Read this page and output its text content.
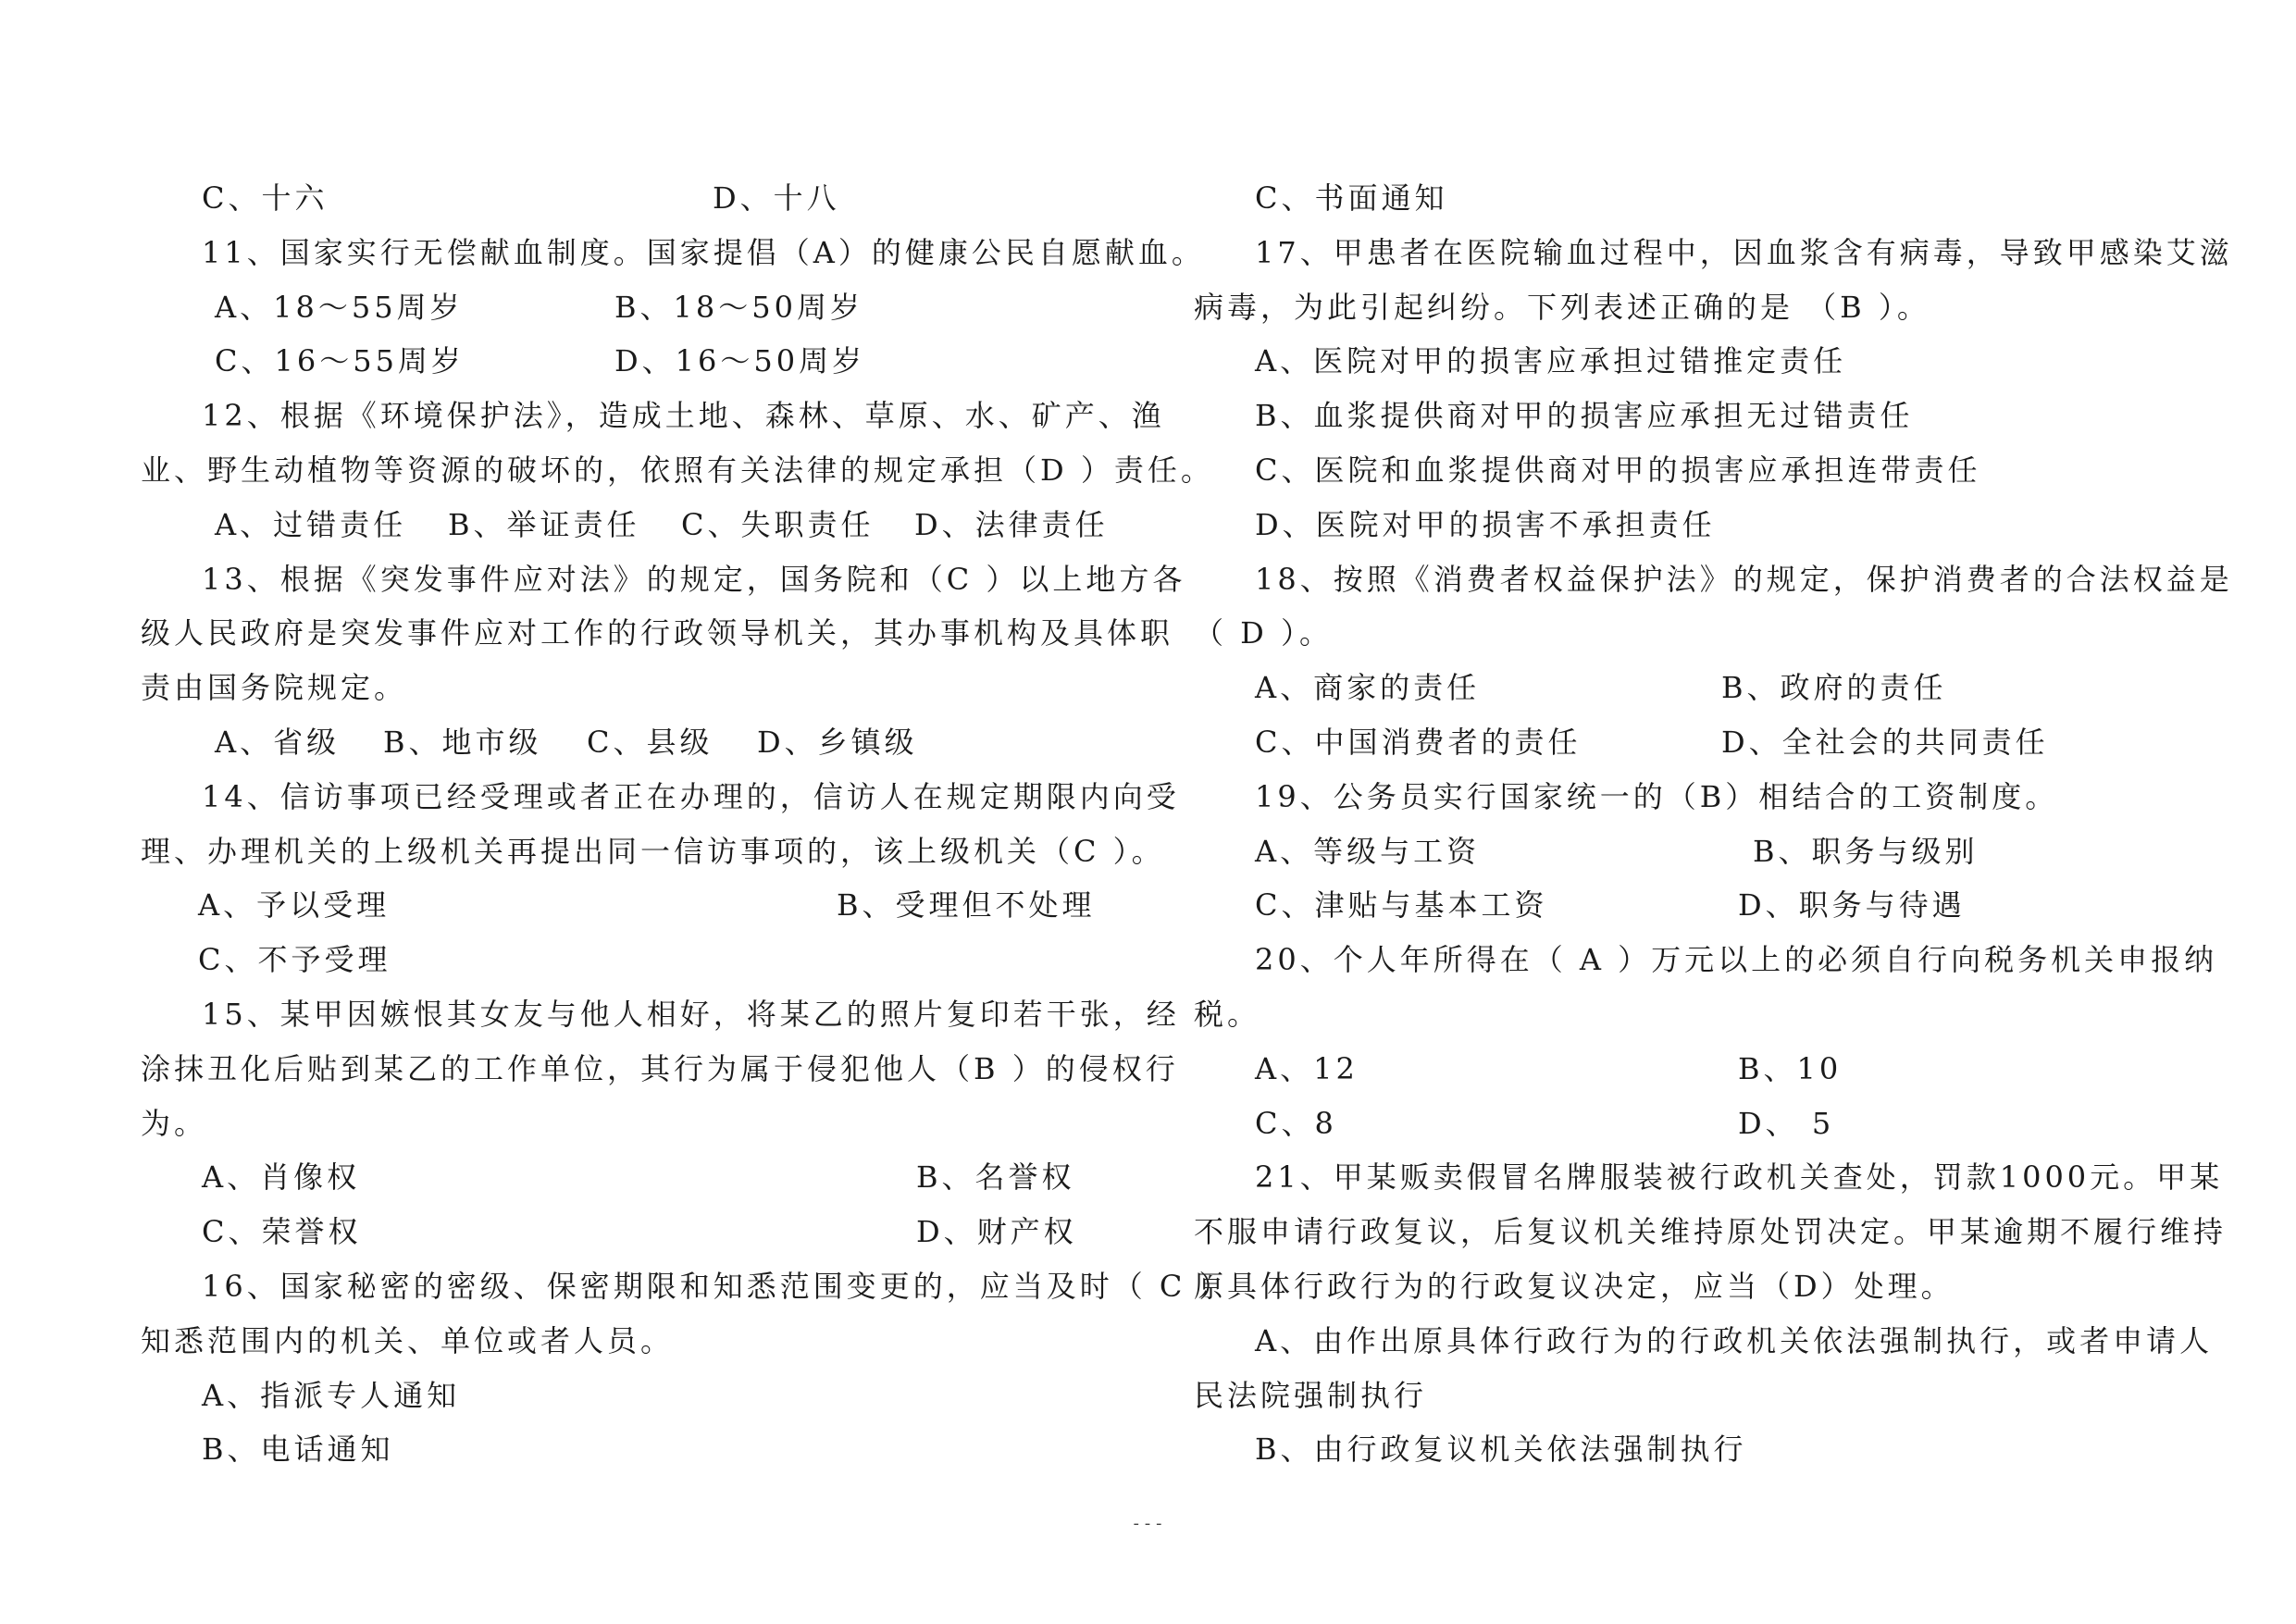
C、十六	D、十八
11、国家实行无偿献血制度。国家提倡（A）的健康公民自愿献血。
A、18～55周岁	B、18～50周岁
C、16～55周岁	D、16～50周岁
12、根据《环境保护法》，造成土地、森林、草原、水、矿产、渔
业、野生动植物等资源的破坏的，依照有关法律的规定承担（D ）责任。
A、过错责任 B、举证责任 C、失职责任 D、法律责任
13、根据《突发事件应对法》的规定，国务院和（C ）以上地方各
级人民政府是突发事件应对工作的行政领导机关，其办事机构及具体职
责由国务院规定。
A、省级 B、地市级 C、县级 D、乡镇级
14、信访事项已经受理或者正在办理的，信访人在规定期限内向受
理、办理机关的上级机关再提出同一信访事项的，该上级机关（C ）。
A、予以受理	B、受理但不处理
C、不予受理
15、某甲因嫉恨其女友与他人相好，将某乙的照片复印若干张，经
涂抹丑化后贴到某乙的工作单位，其行为属于侵犯他人（B ）的侵权行
为。
A、肖像权	B、名誉权
C、荣誉权	D、财产权
16、国家秘密的密级、保密期限和知悉范围变更的，应当及时（ C ）
知悉范围内的机关、单位或者人员。
A、指派专人通知
B、电话通知
C、书面通知
17、甲患者在医院输血过程中，因血浆含有病毒，导致甲感染艾滋
病毒，为此引起纠纷。下列表述正确的是 （B ）。
A、医院对甲的损害应承担过错推定责任
B、血浆提供商对甲的损害应承担无过错责任
C、医院和血浆提供商对甲的损害应承担连带责任
D、医院对甲的损害不承担责任
18、按照《消费者权益保护法》的规定，保护消费者的合法权益是
（ D ）。
A、商家的责任	B、政府的责任
C、中国消费者的责任	D、全社会的共同责任
19、公务员实行国家统一的（B）相结合的工资制度。
A、等级与工资	B、职务与级别
C、津贴与基本工资	D、职务与待遇
20、个人年所得在（ A ）万元以上的必须自行向税务机关申报纳
税。
A、12	B、10
C、8	D、 5
21、甲某贩卖假冒名牌服装被行政机关查处，罚款1000元。甲某
不服申请行政复议，后复议机关维持原处罚决定。甲某逾期不履行维持
原具体行政行为的行政复议决定，应当（D）处理。
A、由作出原具体行政行为的行政机关依法强制执行，或者申请人
民法院强制执行
B、由行政复议机关依法强制执行
- - -
